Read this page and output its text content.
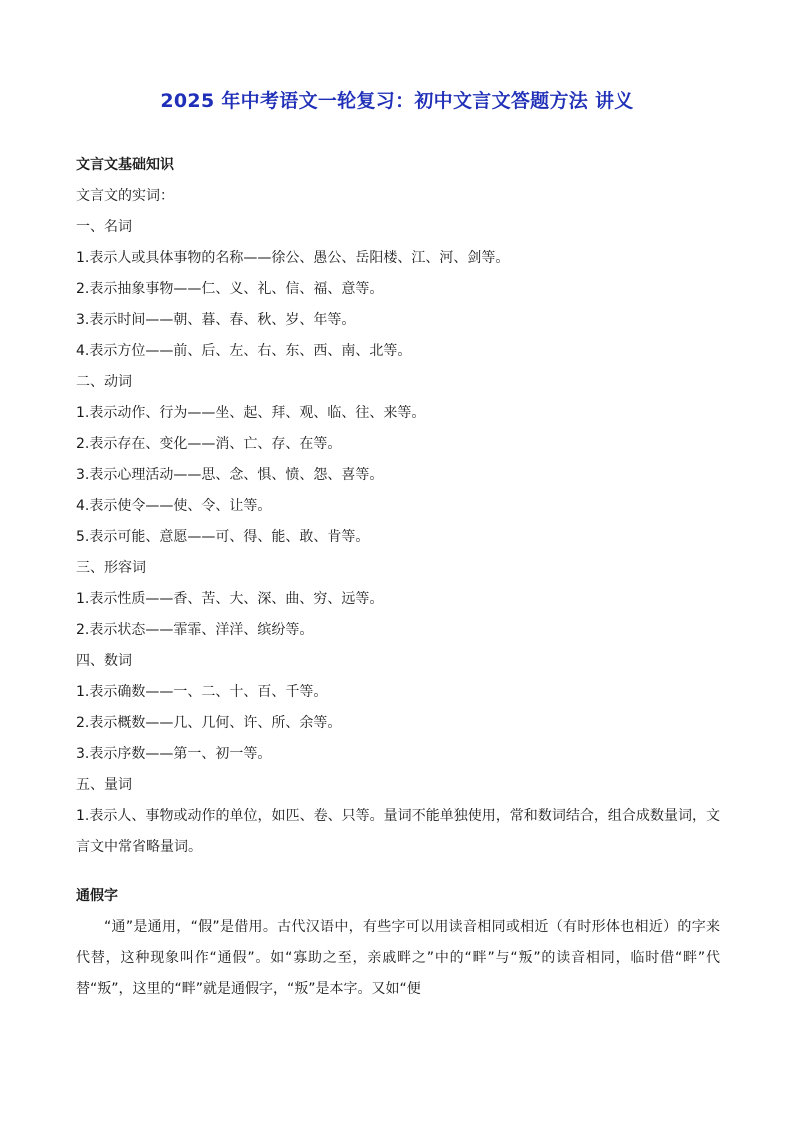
2025 年中考语文一轮复习：初中文言文答题方法 讲义
文言文基础知识
文言文的实词：
一、名词
1.表示人或具体事物的名称——徐公、愚公、岳阳楼、江、河、剑等。
2.表示抽象事物——仁、义、礼、信、福、意等。
3.表示时间——朝、暮、春、秋、岁、年等。
4.表示方位——前、后、左、右、东、西、南、北等。
二、动词
1.表示动作、行为——坐、起、拜、观、临、往、来等。
2.表示存在、变化——消、亡、存、在等。
3.表示心理活动——思、念、惧、愤、怨、喜等。
4.表示使令——使、令、让等。
5.表示可能、意愿——可、得、能、敢、肯等。
三、形容词
1.表示性质——香、苦、大、深、曲、穷、远等。
2.表示状态——霏霏、洋洋、缤纷等。
四、数词
1.表示确数——一、二、十、百、千等。
2.表示概数——几、几何、许、所、余等。
3.表示序数——第一、初一等。
五、量词
1.表示人、事物或动作的单位，如匹、卷、只等。量词不能单独使用，常和数词结合，组合成数量词，文言文中常省略量词。
通假字
“通”是通用，“假”是借用。古代汉语中，有些字可以用读音相同或相近（有时形体也相近）的字来代替，这种现象叫作“通假”。如“寡助之至，亲戚畔之”中的“畔”与“叛”的读音相同，临时借“畔”代替“叛”，这里的“畔”就是通假字，“叛”是本字。又如“便
